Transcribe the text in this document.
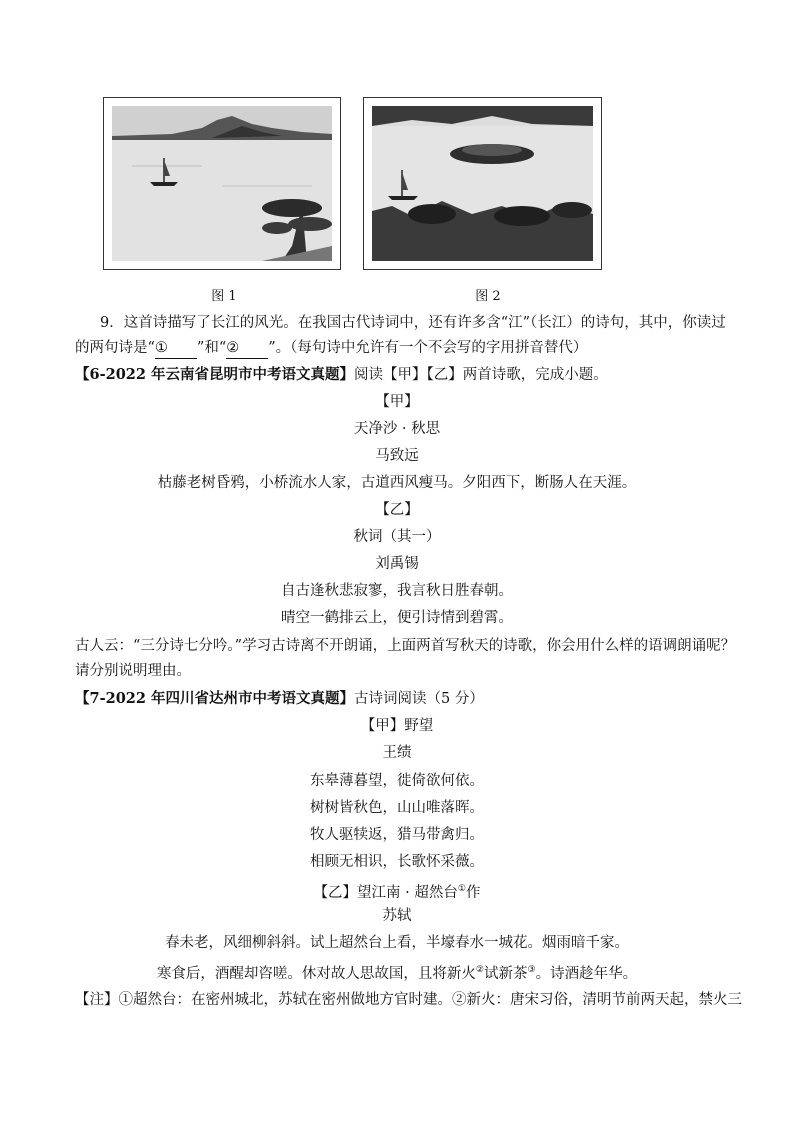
图 1	图 2
9．这首诗描写了长江的风光。在我国古代诗词中，还有许多含“江”（长江）的诗句，其中，你读过
的两句诗是“① ”和“② ”。（每句诗中允许有一个不会写的字用拼音替代）
【6-2022 年云南省昆明市中考语文真题】阅读【甲】【乙】两首诗歌，完成小题。
【甲】
天净沙 · 秋思
马致远
枯藤老树昏鸦，小桥流水人家，古道西风瘦马。夕阳西下，断肠人在天涯。
【乙】
秋词（其一）
刘禹锡
自古逢秋悲寂寥，我言秋日胜春朝。
晴空一鹤排云上，便引诗情到碧霄。
古人云：“三分诗七分吟。”学习古诗离不开朗诵，上面两首写秋天的诗歌，你会用什么样的语调朗诵呢？
请分别说明理由。
【7-2022 年四川省达州市中考语文真题】古诗词阅读（5 分）
【甲】野望
王绩
东皋薄暮望，徙倚欲何依。
树树皆秋色，山山唯落晖。
牧人驱犊返，猎马带禽归。
相顾无相识，长歌怀采薇。
【乙】望江南 · 超然台①作
苏轼
春未老，风细柳斜斜。试上超然台上看，半壕春水一城花。烟雨暗千家。
寒食后，酒醒却咨嗟。休对故人思故国，且将新火②试新茶③。诗酒趁年华。
【注】①超然台：在密州城北，苏轼在密州做地方官时建。②新火：唐宋习俗，清明节前两天起，禁火三
